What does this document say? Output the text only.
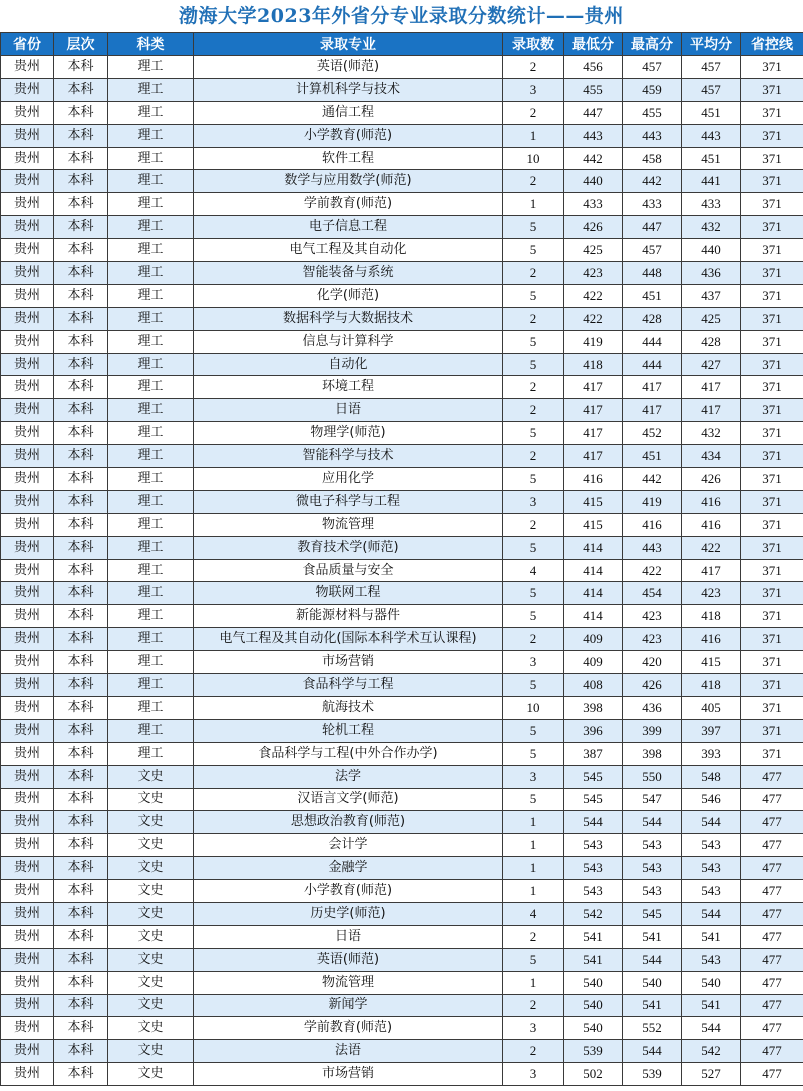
渤海大学2023年外省分专业录取分数统计——贵州
省份	层次	科类	录取专业	录取数	最低分	最高分	平均分	省控线
贵州	本科	理工	英语(师范)	2	456	457	457	371
贵州	本科	理工	计算机科学与技术	3	455	459	457	371
贵州	本科	理工	通信工程	2	447	455	451	371
贵州	本科	理工	小学教育(师范)	1	443	443	443	371
贵州	本科	理工	软件工程	10	442	458	451	371
贵州	本科	理工	数学与应用数学(师范)	2	440	442	441	371
贵州	本科	理工	学前教育(师范)	1	433	433	433	371
贵州	本科	理工	电子信息工程	5	426	447	432	371
贵州	本科	理工	电气工程及其自动化	5	425	457	440	371
贵州	本科	理工	智能装备与系统	2	423	448	436	371
贵州	本科	理工	化学(师范)	5	422	451	437	371
贵州	本科	理工	数据科学与大数据技术	2	422	428	425	371
贵州	本科	理工	信息与计算科学	5	419	444	428	371
贵州	本科	理工	自动化	5	418	444	427	371
贵州	本科	理工	环境工程	2	417	417	417	371
贵州	本科	理工	日语	2	417	417	417	371
贵州	本科	理工	物理学(师范)	5	417	452	432	371
贵州	本科	理工	智能科学与技术	2	417	451	434	371
贵州	本科	理工	应用化学	5	416	442	426	371
贵州	本科	理工	微电子科学与工程	3	415	419	416	371
贵州	本科	理工	物流管理	2	415	416	416	371
贵州	本科	理工	教育技术学(师范)	5	414	443	422	371
贵州	本科	理工	食品质量与安全	4	414	422	417	371
贵州	本科	理工	物联网工程	5	414	454	423	371
贵州	本科	理工	新能源材料与器件	5	414	423	418	371
贵州	本科	理工	电气工程及其自动化(国际本科学术互认课程)	2	409	423	416	371
贵州	本科	理工	市场营销	3	409	420	415	371
贵州	本科	理工	食品科学与工程	5	408	426	418	371
贵州	本科	理工	航海技术	10	398	436	405	371
贵州	本科	理工	轮机工程	5	396	399	397	371
贵州	本科	理工	食品科学与工程(中外合作办学)	5	387	398	393	371
贵州	本科	文史	法学	3	545	550	548	477
贵州	本科	文史	汉语言文学(师范)	5	545	547	546	477
贵州	本科	文史	思想政治教育(师范)	1	544	544	544	477
贵州	本科	文史	会计学	1	543	543	543	477
贵州	本科	文史	金融学	1	543	543	543	477
贵州	本科	文史	小学教育(师范)	1	543	543	543	477
贵州	本科	文史	历史学(师范)	4	542	545	544	477
贵州	本科	文史	日语	2	541	541	541	477
贵州	本科	文史	英语(师范)	5	541	544	543	477
贵州	本科	文史	物流管理	1	540	540	540	477
贵州	本科	文史	新闻学	2	540	541	541	477
贵州	本科	文史	学前教育(师范)	3	540	552	544	477
贵州	本科	文史	法语	2	539	544	542	477
贵州	本科	文史	市场营销	3	502	539	527	477
